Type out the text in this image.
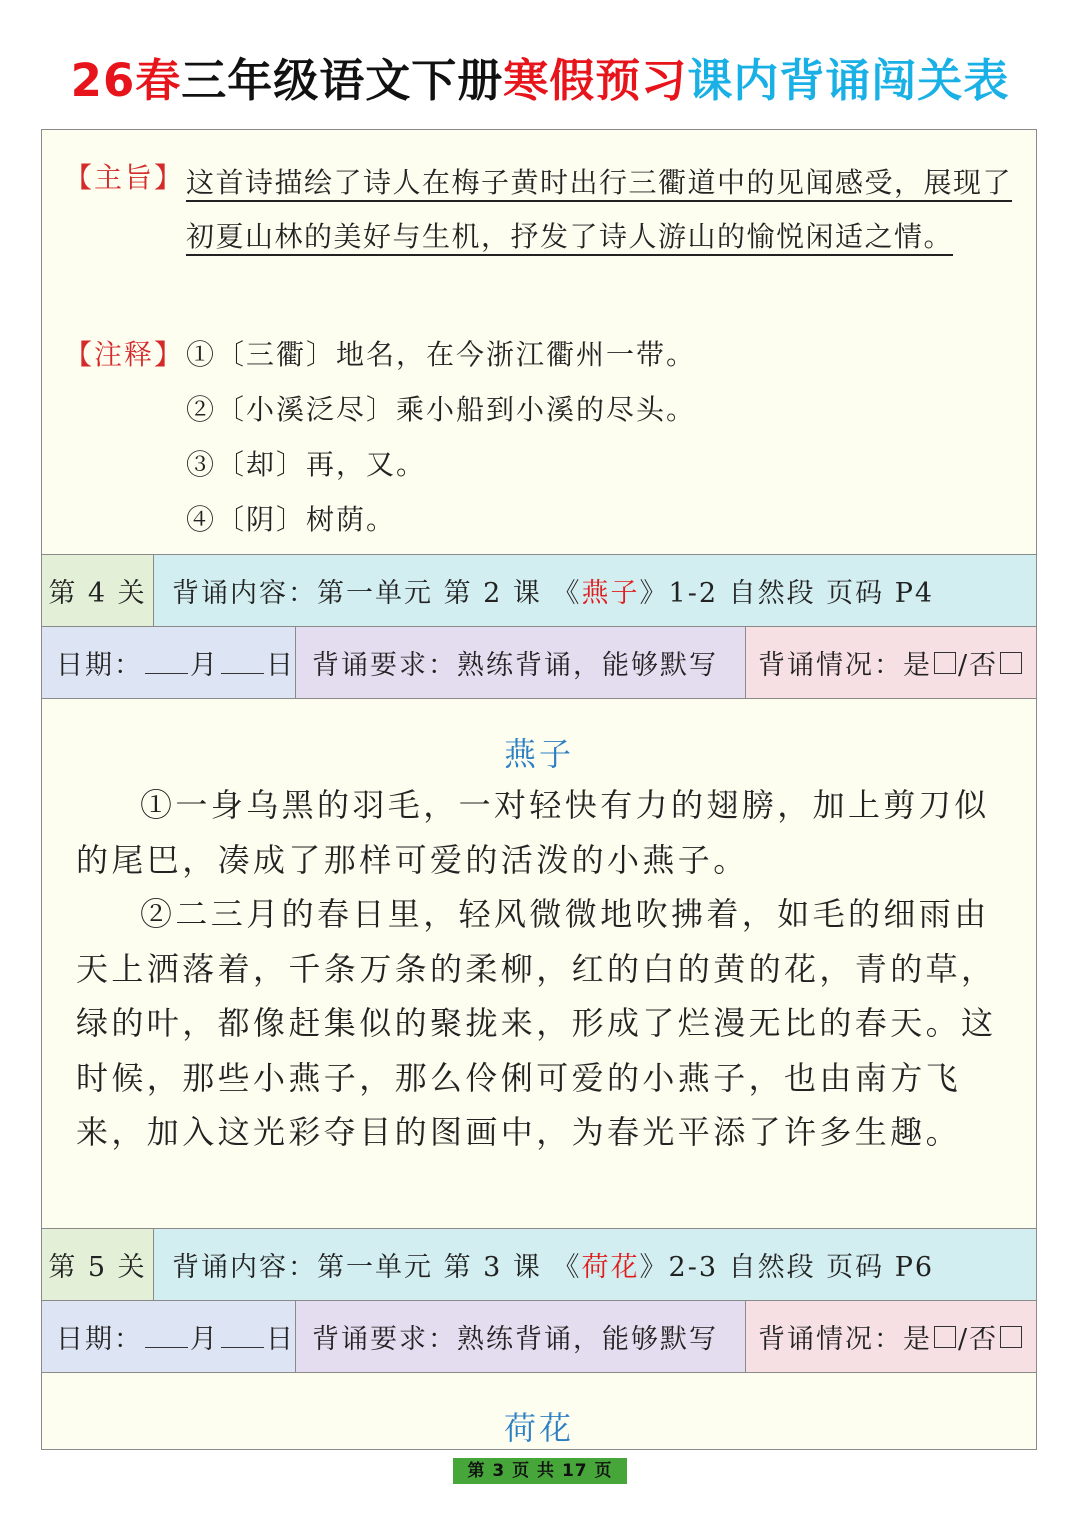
26春三年级语文下册寒假预习课内背诵闯关表
【主旨】 这首诗描绘了诗人在梅子黄时出行三衢道中的见闻感受，展现了初夏山林的美好与生机，抒发了诗人游山的愉悦闲适之情。
【注释】 ①〔三衢〕地名，在今浙江衢州一带。
②〔小溪泛尽〕乘小船到小溪的尽头。
③〔却〕再，又。
④〔阴〕树荫。
第 4 关 背诵内容：第一单元 第 2 课 《 燕子 》1-2 自然段 页码 P4
日期： 月 日 背诵要求：熟练背诵，能够默写	背诵情况：是 /否
燕子

①一身乌黑的羽毛，一对轻快有力的翅膀，加上剪刀似的尾巴，凑成了那样可爱的活泼的小燕子。

②二三月的春日里，轻风微微地吹拂着，如毛的细雨由天上洒落着，千条万条的柔柳，红的白的黄的花，青的草，绿的叶，都像赶集似的聚拢来，形成了烂漫无比的春天。这时候，那些小燕子，那么伶俐可爱的小燕子，也由南方飞来，加入这光彩夺目的图画中，为春光平添了许多生趣。

第 5 关 背诵内容：第一单元 第 3 课 《 荷花 》2-3 自然段 页码 P6
日期： 月 日 背诵要求：熟练背诵，能够默写	背诵情况：是 /否
荷花
第 3 页 共 17 页
